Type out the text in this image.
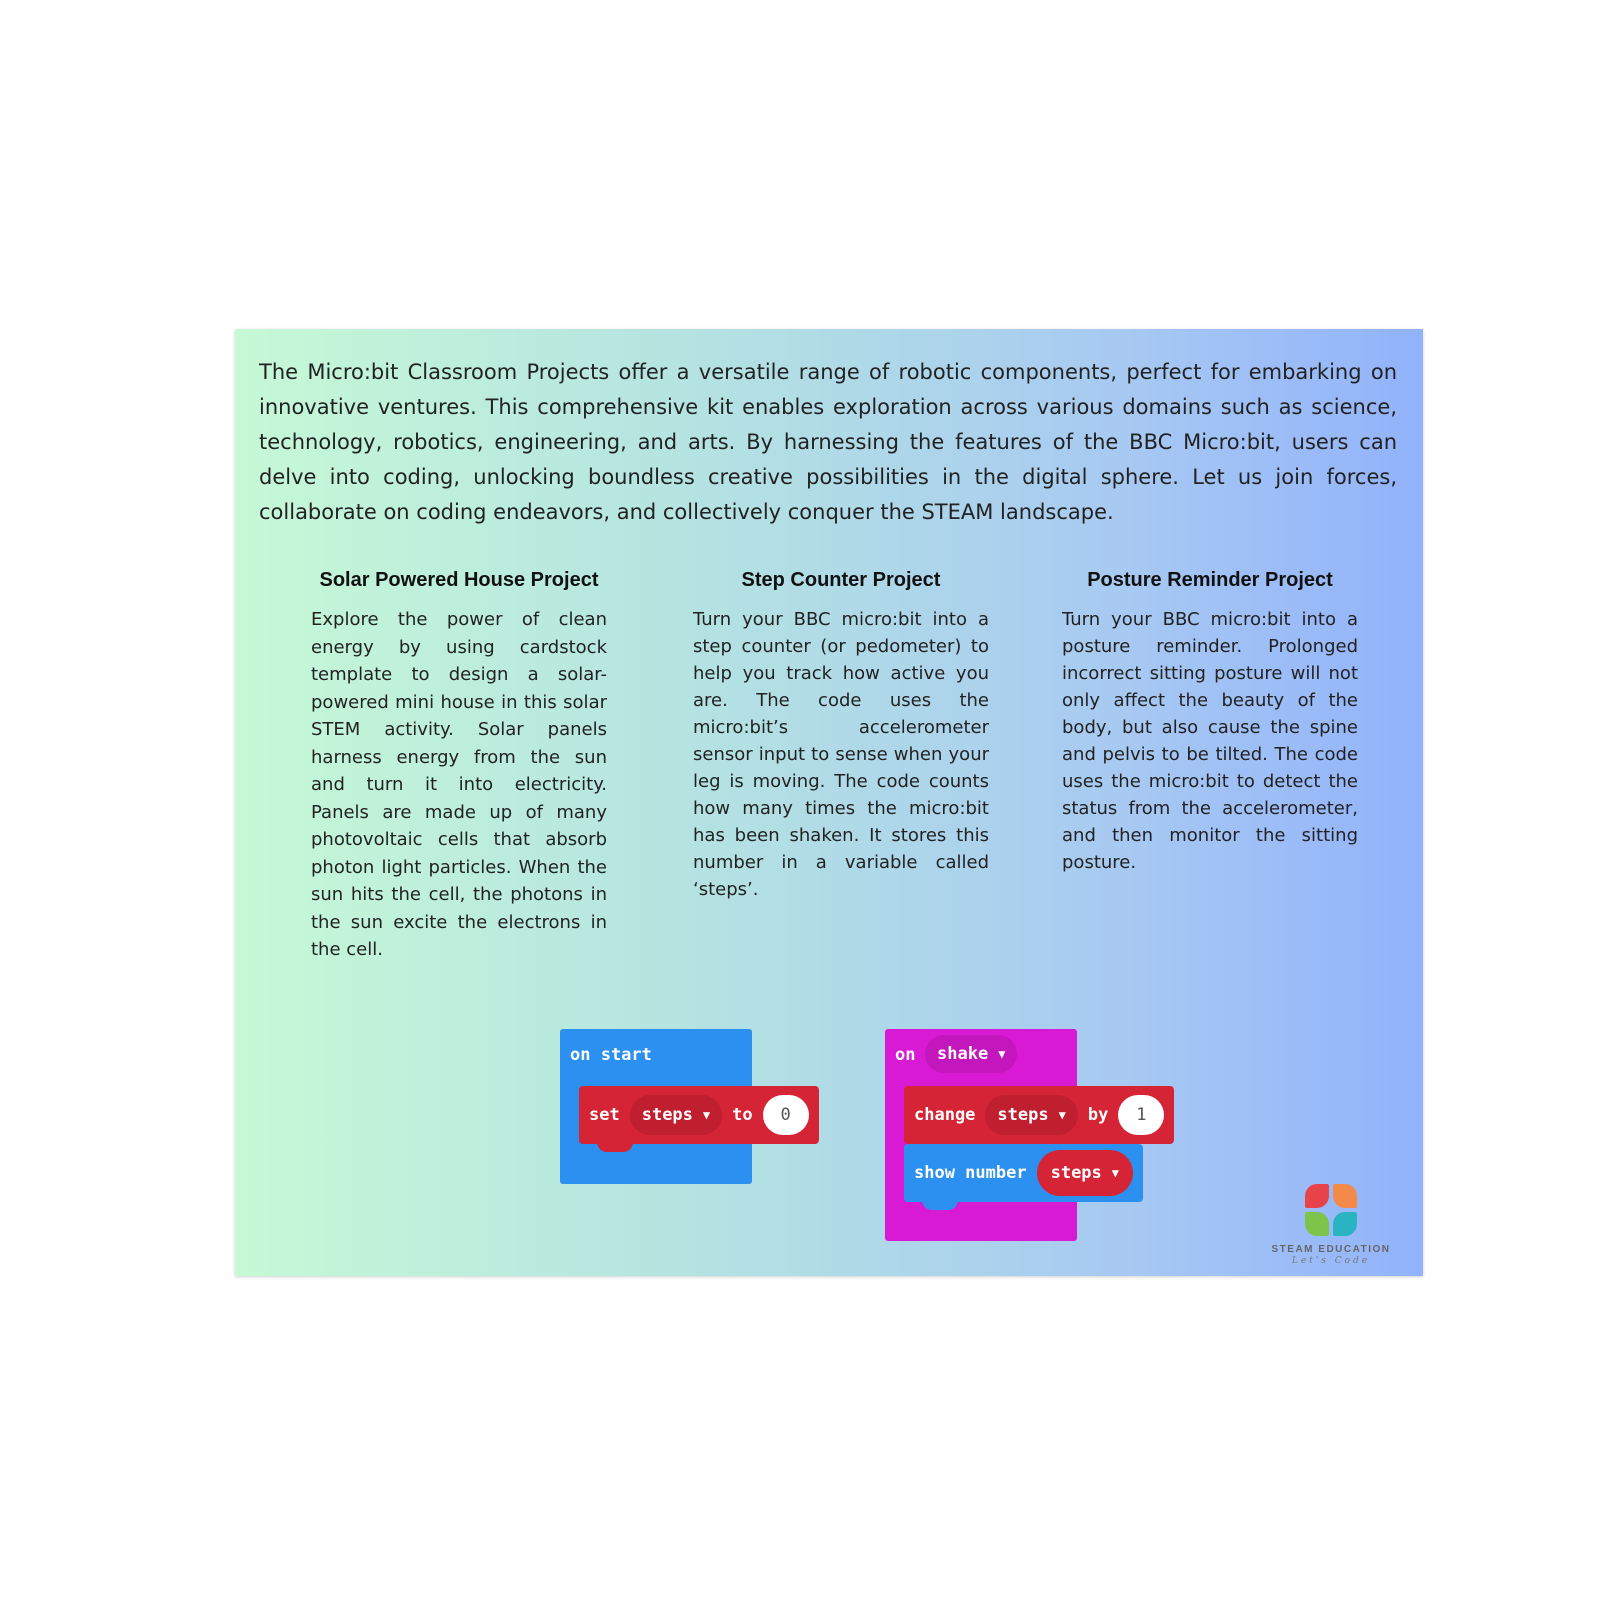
The Micro:bit Classroom Projects offer a versatile range of robotic components, perfect for embarking on innovative ventures. This comprehensive kit enables exploration across various domains such as science, technology, robotics, engineering, and arts. By harnessing the features of the BBC Micro:bit, users can delve into coding, unlocking boundless creative possibilities in the digital sphere. Let us join forces, collaborate on coding endeavors, and collectively conquer the STEAM landscape.

Solar Powered House Project

Explore the power of clean energy by using cardstock template to design a solar-powered mini house in this solar STEM activity. Solar panels harness energy from the sun and turn it into electricity. Panels are made up of many photovoltaic cells that absorb photon light particles. When the sun hits the cell, the photons in the sun excite the electrons in the cell.

Step Counter Project

Turn your BBC micro:bit into a step counter (or pedometer) to help you track how active you are. The code uses the micro:bit’s accelerometer sensor input to sense when your leg is moving. The code counts how many times the micro:bit has been shaken. It stores this number in a variable called ‘steps’.

Posture Reminder Project

Turn your BBC micro:bit into a posture reminder. Prolonged incorrect sitting posture will not only affect the beauty of the body, but also cause the spine and pelvis to be tilted. The code uses the micro:bit to detect the status from the accelerometer, and then monitor the sitting posture.

on start
set steps ▼ to	0
on shake ▼
change steps ▼ by	1
show number steps ▼
STEAM EDUCATION
Let's Code
